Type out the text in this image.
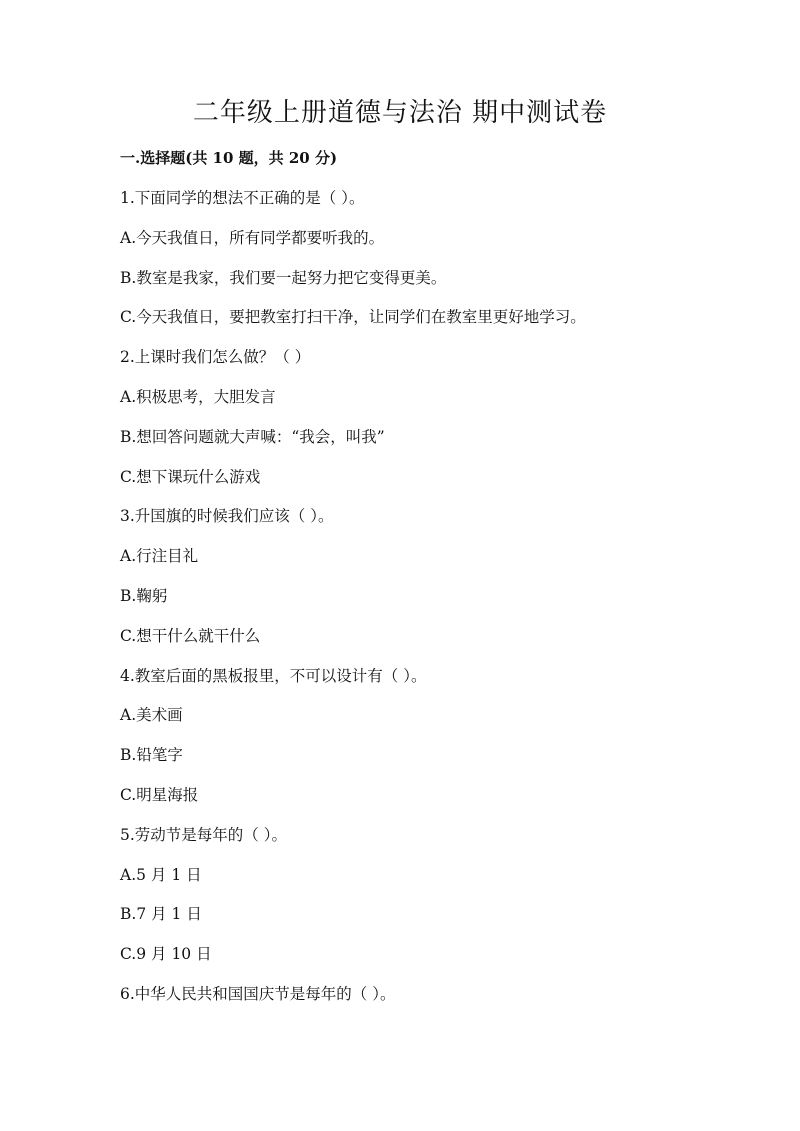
二年级上册道德与法治 期中测试卷
一.选择题(共 10 题，共 20 分)
1.下面同学的想法不正确的是（ ）。
A.今天我值日，所有同学都要听我的。
B.教室是我家，我们要一起努力把它变得更美。
C.今天我值日，要把教室打扫干净，让同学们在教室里更好地学习。
2.上课时我们怎么做？（ ）
A.积极思考，大胆发言
B.想回答问题就大声喊：“我会，叫我”
C.想下课玩什么游戏
3.升国旗的时候我们应该（ ）。
A.行注目礼
B.鞠躬
C.想干什么就干什么
4.教室后面的黑板报里，不可以设计有（ ）。
A.美术画
B.铅笔字
C.明星海报
5.劳动节是每年的（ ）。
A.5 月 1 日
B.7 月 1 日
C.9 月 10 日
6.中华人民共和国国庆节是每年的（ ）。
